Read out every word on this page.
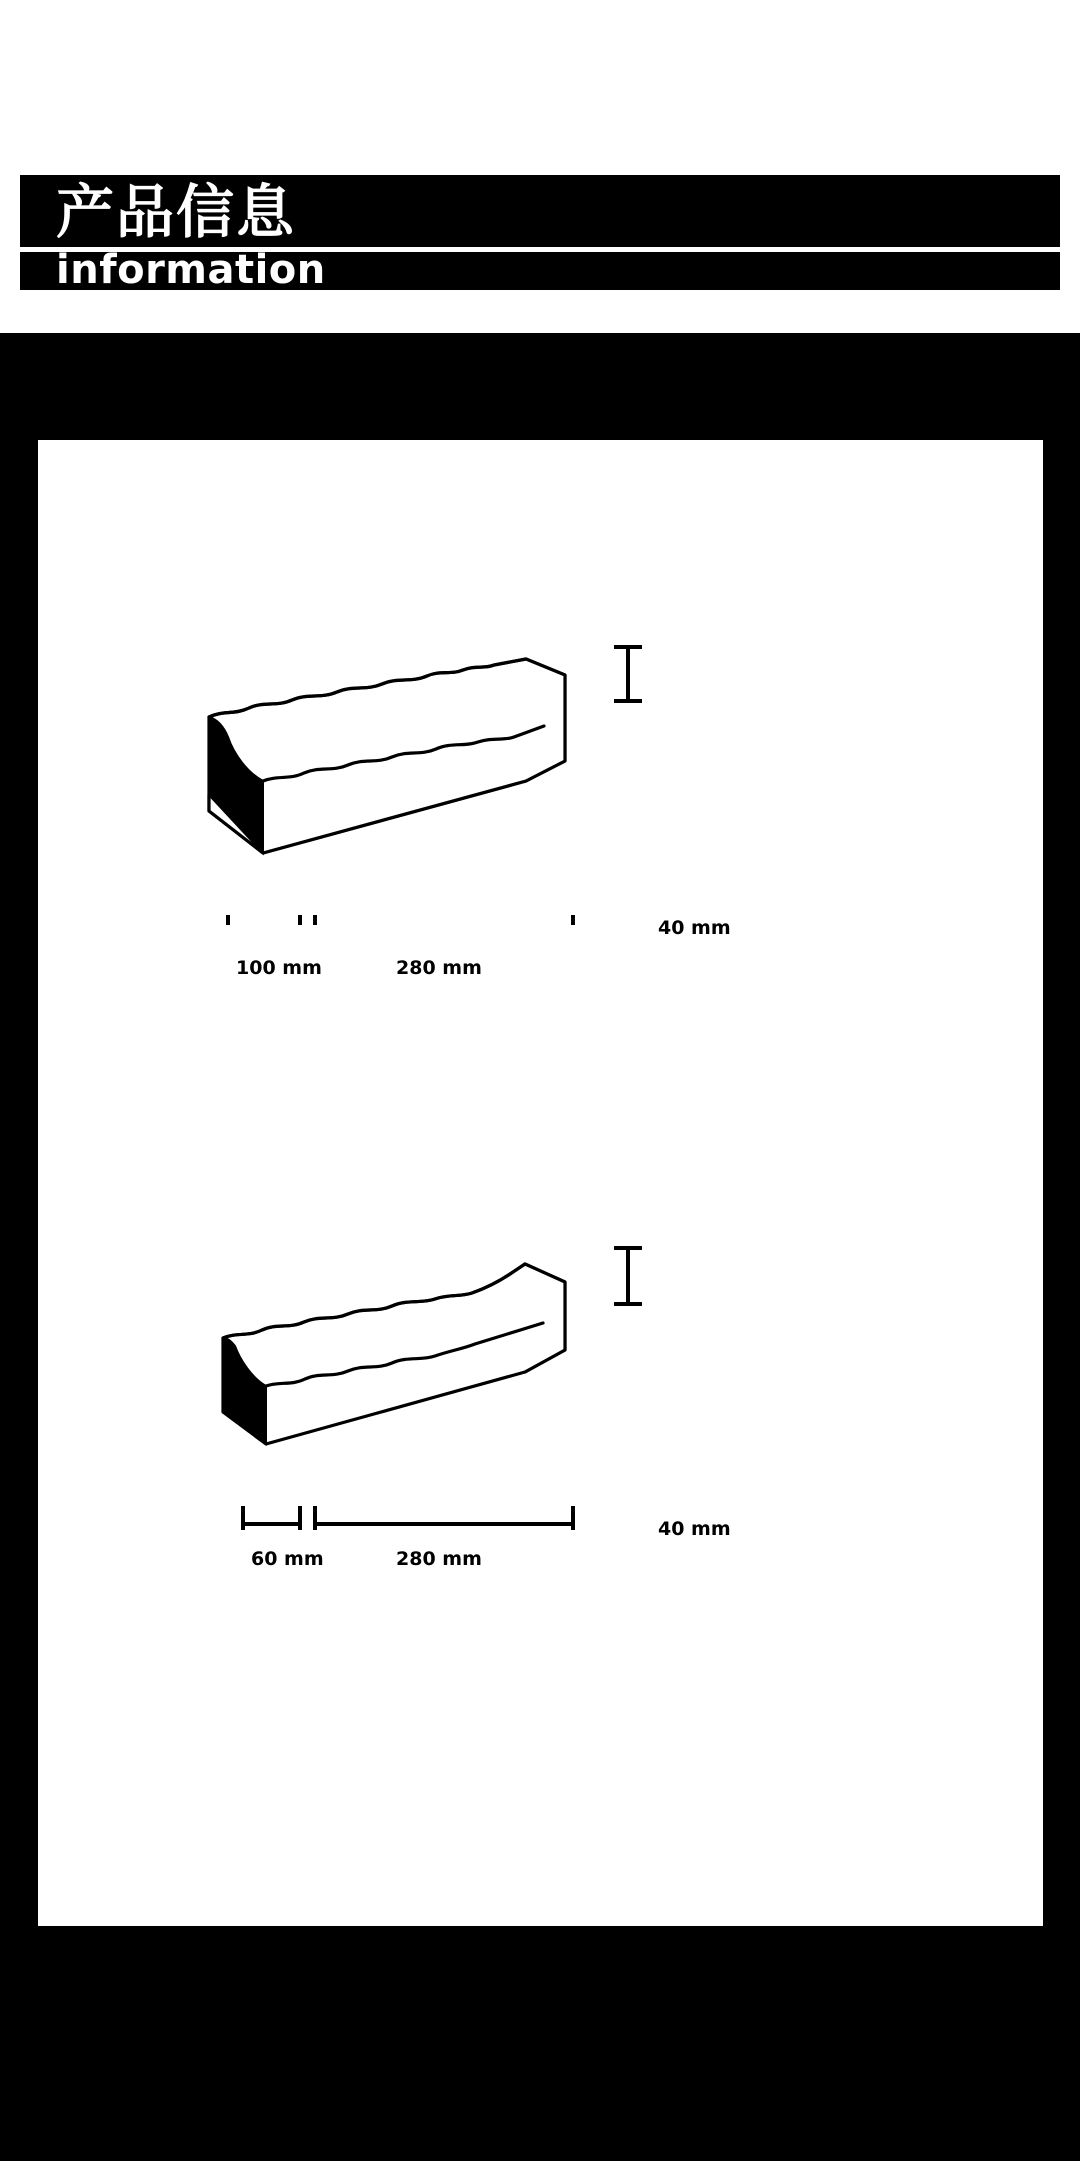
产品信息
information
40 mm
100 mm	280 mm
40 mm
60 mm	280 mm
